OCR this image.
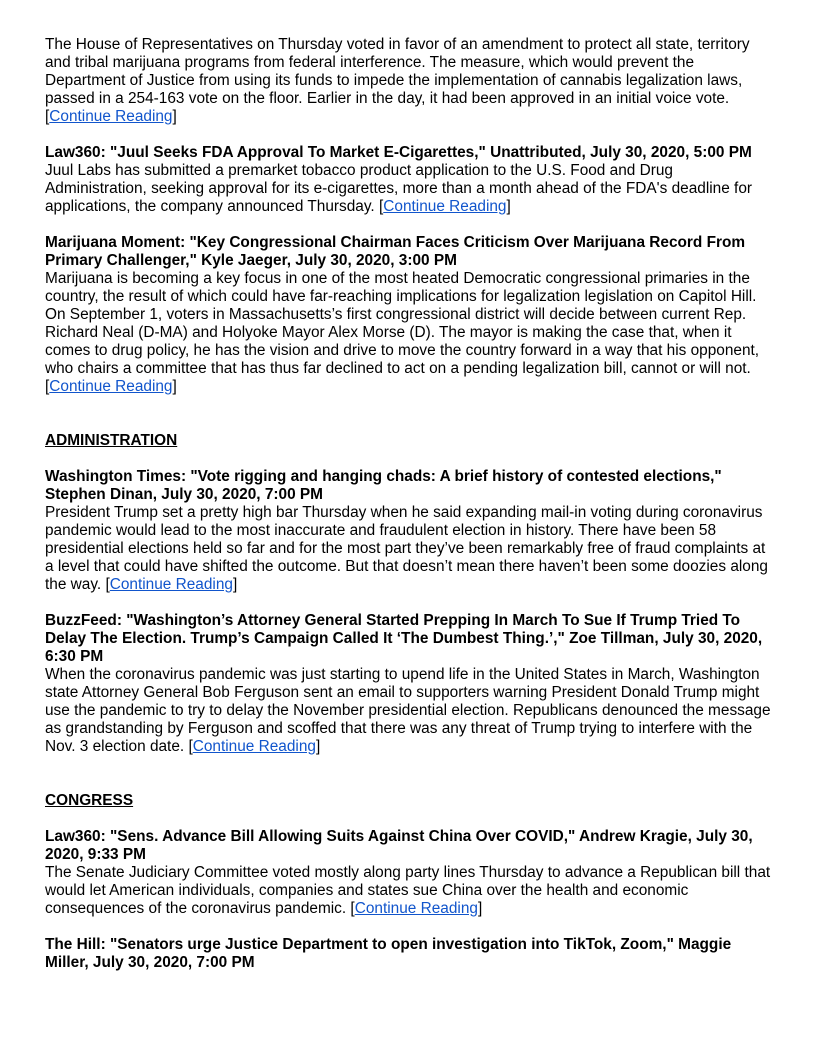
The House of Representatives on Thursday voted in favor of an amendment to protect all state, territory and tribal marijuana programs from federal interference. The measure, which would prevent the Department of Justice from using its funds to impede the implementation of cannabis legalization laws, passed in a 254-163 vote on the floor. Earlier in the day, it had been approved in an initial voice vote. [Continue Reading]

Law360: "Juul Seeks FDA Approval To Market E-Cigarettes," Unattributed, July 30, 2020, 5:00 PM

Juul Labs has submitted a premarket tobacco product application to the U.S. Food and Drug Administration, seeking approval for its e-cigarettes, more than a month ahead of the FDA's deadline for applications, the company announced Thursday. [Continue Reading]

Marijuana Moment: "Key Congressional Chairman Faces Criticism Over Marijuana Record From Primary Challenger," Kyle Jaeger, July 30, 2020, 3:00 PM

Marijuana is becoming a key focus in one of the most heated Democratic congressional primaries in the country, the result of which could have far-reaching implications for legalization legislation on Capitol Hill. On September 1, voters in Massachusetts’s first congressional district will decide between current Rep. Richard Neal (D-MA) and Holyoke Mayor Alex Morse (D). The mayor is making the case that, when it comes to drug policy, he has the vision and drive to move the country forward in a way that his opponent, who chairs a committee that has thus far declined to act on a pending legalization bill, cannot or will not. [Continue Reading]

ADMINISTRATION

Washington Times: "Vote rigging and hanging chads: A brief history of contested elections," Stephen Dinan, July 30, 2020, 7:00 PM

President Trump set a pretty high bar Thursday when he said expanding mail-in voting during coronavirus pandemic would lead to the most inaccurate and fraudulent election in history. There have been 58 presidential elections held so far and for the most part they’ve been remarkably free of fraud complaints at a level that could have shifted the outcome. But that doesn’t mean there haven’t been some doozies along the way. [Continue Reading]

BuzzFeed: "Washington’s Attorney General Started Prepping In March To Sue If Trump Tried To Delay The Election. Trump’s Campaign Called It ‘The Dumbest Thing.’," Zoe Tillman, July 30, 2020, 6:30 PM

When the coronavirus pandemic was just starting to upend life in the United States in March, Washington state Attorney General Bob Ferguson sent an email to supporters warning President Donald Trump might use the pandemic to try to delay the November presidential election. Republicans denounced the message as grandstanding by Ferguson and scoffed that there was any threat of Trump trying to interfere with the Nov. 3 election date. [Continue Reading]

CONGRESS

Law360: "Sens. Advance Bill Allowing Suits Against China Over COVID," Andrew Kragie, July 30, 2020, 9:33 PM

The Senate Judiciary Committee voted mostly along party lines Thursday to advance a Republican bill that would let American individuals, companies and states sue China over the health and economic consequences of the coronavirus pandemic. [Continue Reading]

The Hill: "Senators urge Justice Department to open investigation into TikTok, Zoom," Maggie Miller, July 30, 2020, 7:00 PM
